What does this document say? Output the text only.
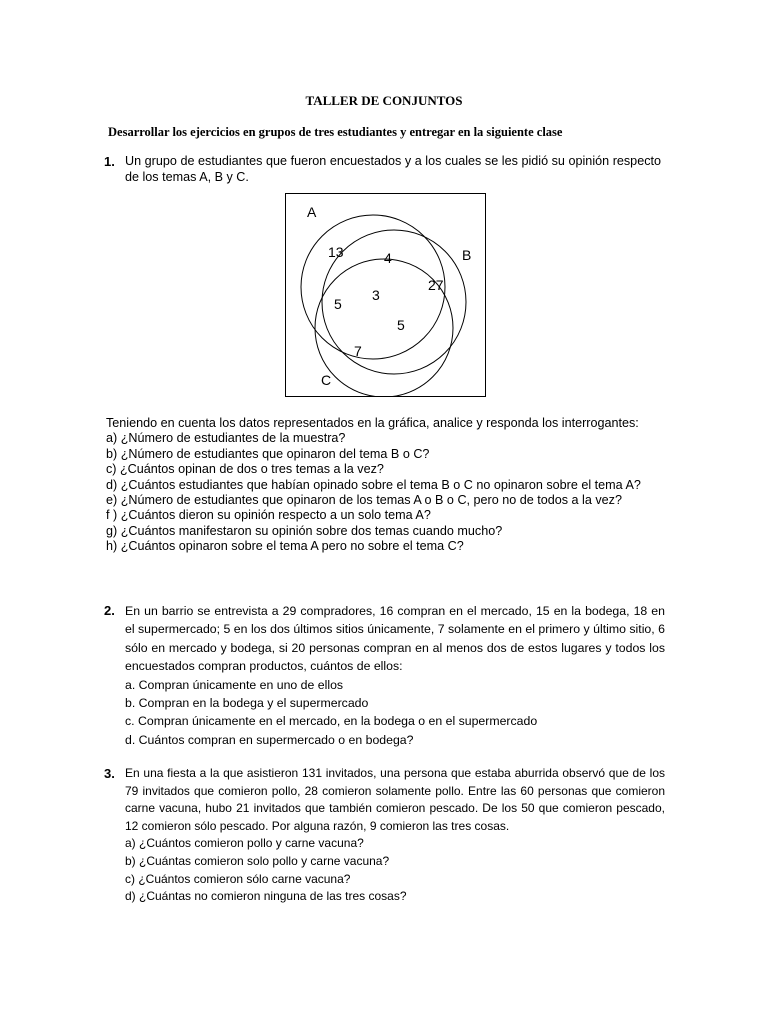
TALLER DE CONJUNTOS
Desarrollar los ejercicios en grupos de tres estudiantes y entregar en la siguiente clase
1. Un grupo de estudiantes que fueron encuestados y a los cuales se les pidió su opinión respecto de los temas A, B y C.
A
B
C
13	4
27
5
3
5
7
Teniendo en cuenta los datos representados en la gráfica, analice y responda los interrogantes:
a) ¿Número de estudiantes de la muestra?
b) ¿Número de estudiantes que opinaron del tema B o C?
c) ¿Cuántos opinan de dos o tres temas a la vez?
d) ¿Cuántos estudiantes que habían opinado sobre el tema B o C no opinaron sobre el tema A?
e) ¿Número de estudiantes que opinaron de los temas A o B o C, pero no de todos a la vez?
f ) ¿Cuántos dieron su opinión respecto a un solo tema A?
g) ¿Cuántos manifestaron su opinión sobre dos temas cuando mucho?
h) ¿Cuántos opinaron sobre el tema A pero no sobre el tema C?
2. En un barrio se entrevista a 29 compradores, 16 compran en el mercado, 15 en la bodega, 18 en el supermercado; 5 en los dos últimos sitios únicamente, 7 solamente en el primero y último sitio, 6 sólo en mercado y bodega, si 20 personas compran en al menos dos de estos lugares y todos los encuestados compran productos, cuántos de ellos:
a. Compran únicamente en uno de ellos
b. Compran en la bodega y el supermercado
c. Compran únicamente en el mercado, en la bodega o en el supermercado
d. Cuántos compran en supermercado o en bodega?
3. En una fiesta a la que asistieron 131 invitados, una persona que estaba aburrida observó que de los 79 invitados que comieron pollo, 28 comieron solamente pollo. Entre las 60 personas que comieron carne vacuna, hubo 21 invitados que también comieron pescado. De los 50 que comieron pescado, 12 comieron sólo pescado. Por alguna razón, 9 comieron las tres cosas.
a) ¿Cuántos comieron pollo y carne vacuna?
b) ¿Cuántas comieron solo pollo y carne vacuna?
c) ¿Cuántos comieron sólo carne vacuna?
d) ¿Cuántas no comieron ninguna de las tres cosas?
